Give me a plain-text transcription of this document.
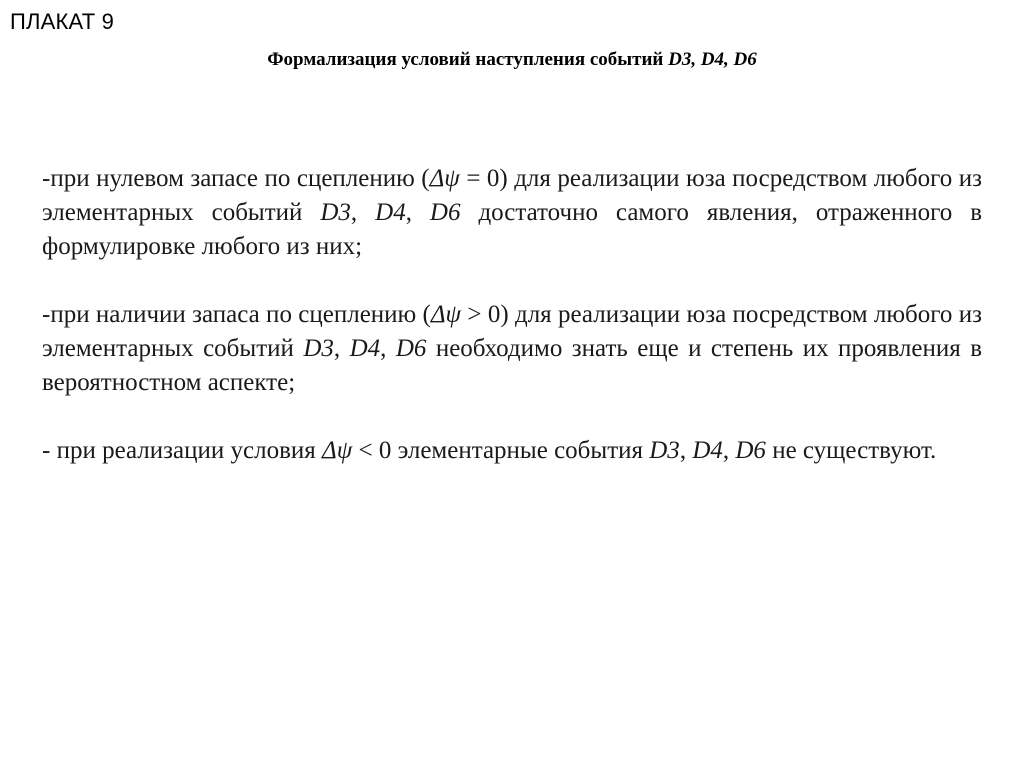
ПЛАКАТ 9
Формализация условий наступления событий D3, D4, D6

-при нулевом запасе по сцеплению (Δψ = 0) для реализации юза посредством любого из элементарных событий D3, D4, D6 достаточно самого явления, отраженного в формулировке любого из них;

-при наличии запаса по сцеплению (Δψ > 0) для реализации юза посредством любого из элементарных событий D3, D4, D6 необходимо знать еще и степень их проявления в вероятностном аспекте;

- при реализации условия Δψ < 0 элементарные события D3, D4, D6 не существуют.
